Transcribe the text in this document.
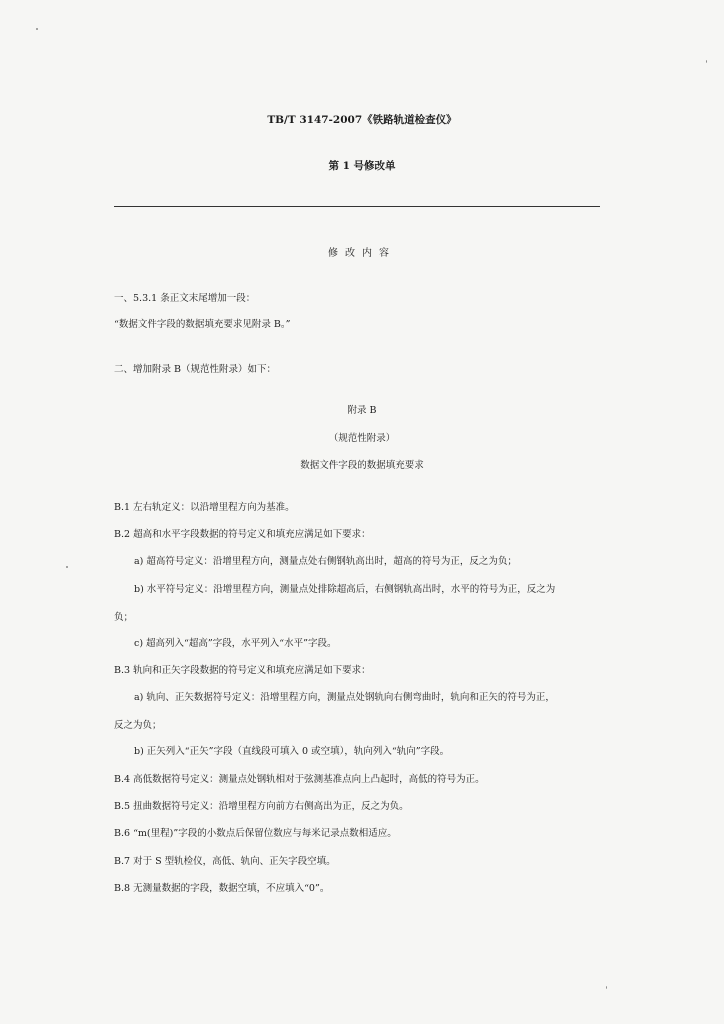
TB/T 3147-2007《铁路轨道检查仪》
第 1 号修改单
修改内容
一、5.3.1 条正文末尾增加一段：
“数据文件字段的数据填充要求见附录 B。”
二、增加附录 B（规范性附录）如下：
附录 B
（规范性附录）
数据文件字段的数据填充要求
B.1 左右轨定义：以沿增里程方向为基准。
B.2 超高和水平字段数据的符号定义和填充应满足如下要求：
a) 超高符号定义：沿增里程方向，测量点处右侧钢轨高出时，超高的符号为正，反之为负；
b) 水平符号定义：沿增里程方向，测量点处排除超高后，右侧钢轨高出时，水平的符号为正，反之为
负；
c) 超高列入“超高”字段，水平列入“水平”字段。
B.3 轨向和正矢字段数据的符号定义和填充应满足如下要求：
a) 轨向、正矢数据符号定义：沿增里程方向，测量点处钢轨向右侧弯曲时，轨向和正矢的符号为正，
反之为负；
b) 正矢列入“正矢”字段（直线段可填入 0 或空填），轨向列入“轨向”字段。
B.4 高低数据符号定义：测量点处钢轨相对于弦测基准点向上凸起时，高低的符号为正。
B.5 扭曲数据符号定义：沿增里程方向前方右侧高出为正，反之为负。
B.6 “m(里程)”字段的小数点后保留位数应与每米记录点数相适应。
B.7 对于 S 型轨检仪，高低、轨向、正矢字段空填。
B.8 无测量数据的字段，数据空填，不应填入“0”。
